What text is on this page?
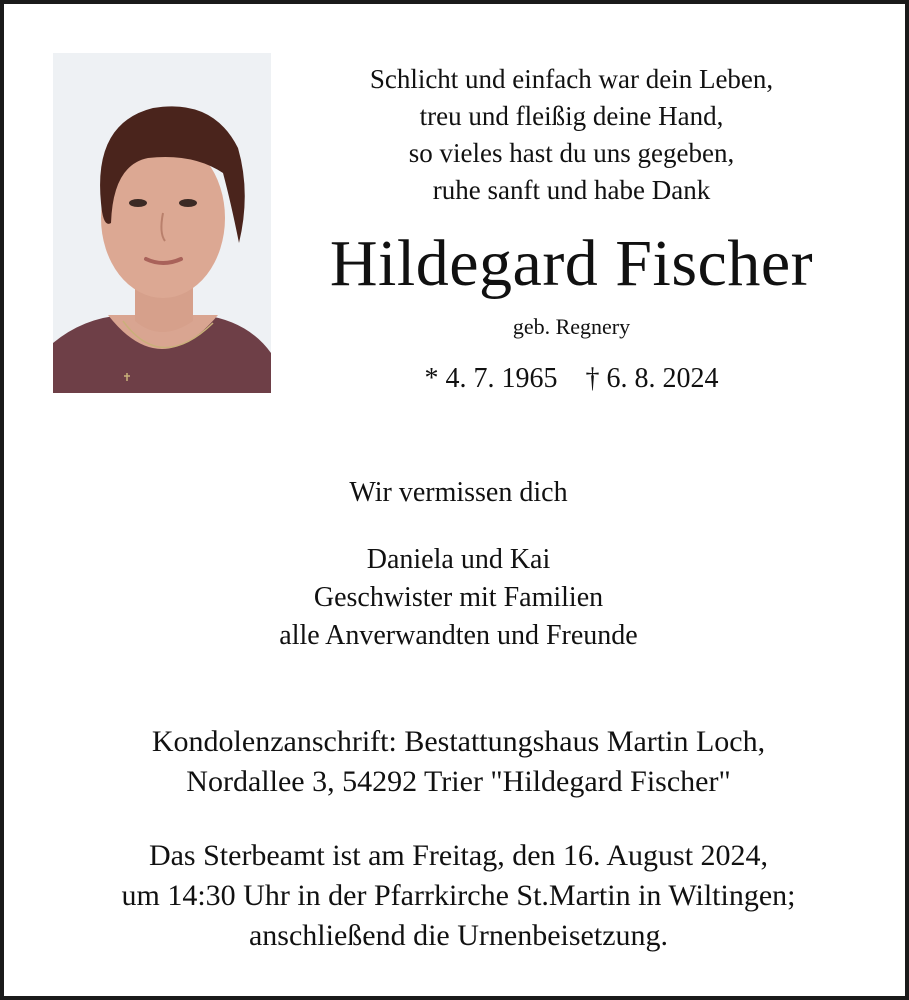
Schlicht und einfach war dein Leben,
treu und fleißig deine Hand,
so vieles hast du uns gegeben,
ruhe sanft und habe Dank
Hildegard Fischer
geb. Regnery
* 4. 7. 1965 † 6. 8. 2024
Wir vermissen dich
Daniela und Kai
Geschwister mit Familien
alle Anverwandten und Freunde
Kondolenzanschrift: Bestattungshaus Martin Loch,
Nordallee 3, 54292 Trier "Hildegard Fischer"
Das Sterbeamt ist am Freitag, den 16. August 2024,
um 14:30 Uhr in der Pfarrkirche St.Martin in Wiltingen;
anschließend die Urnenbeisetzung.
